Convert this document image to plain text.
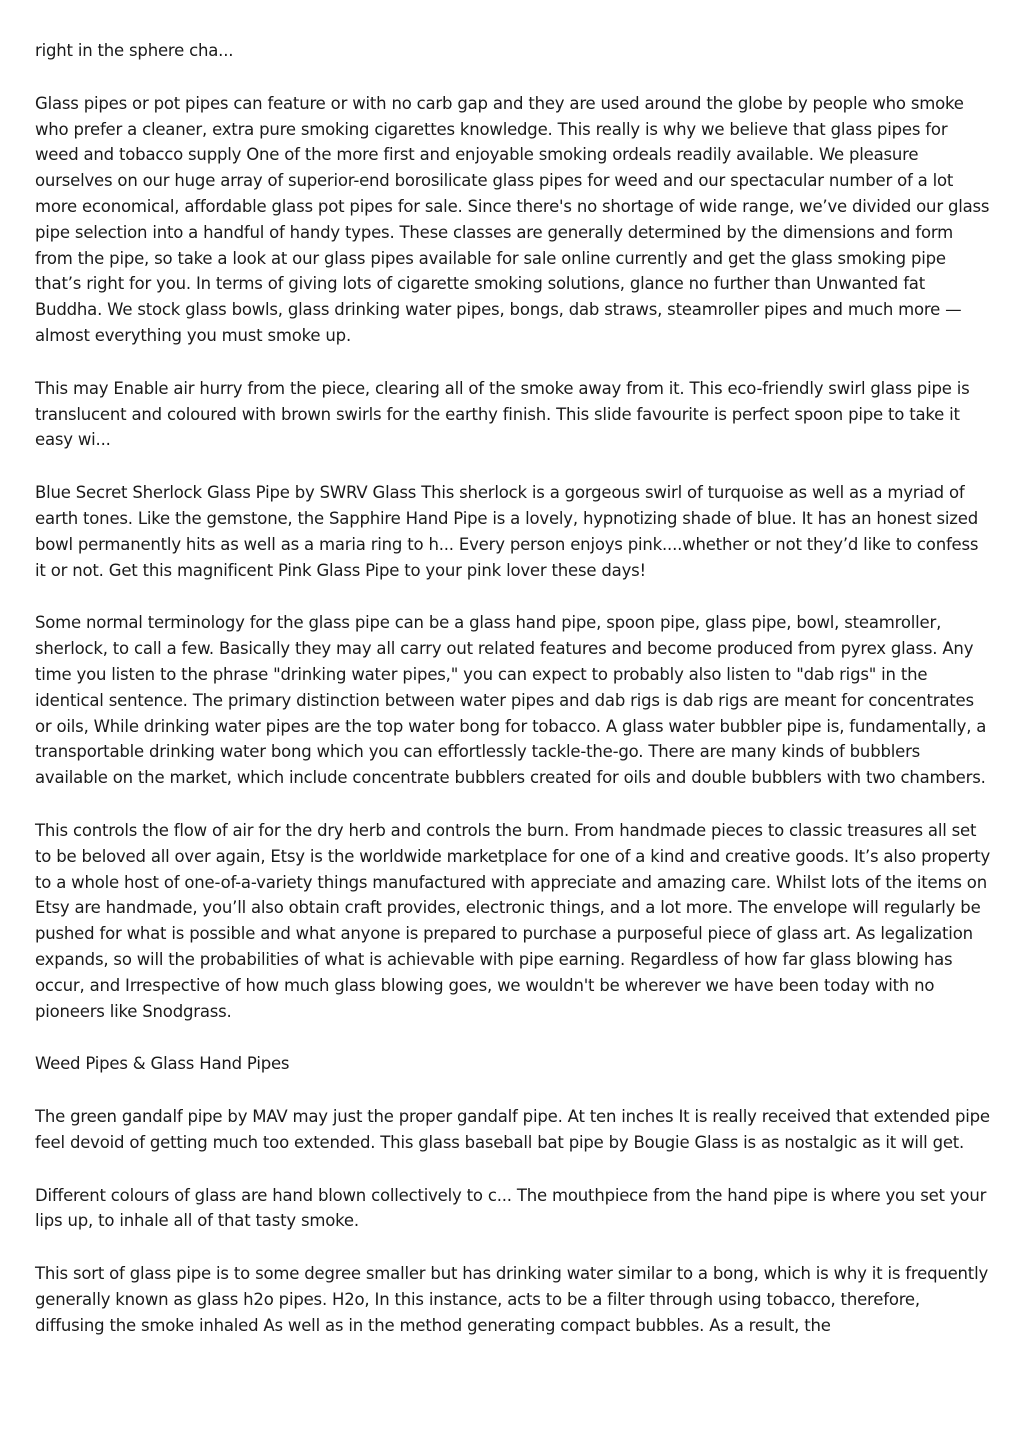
right in the sphere cha...

Glass pipes or pot pipes can feature or with no carb gap and they are used around the globe by people who smoke who prefer a cleaner, extra pure smoking cigarettes knowledge. This really is why we believe that glass pipes for weed and tobacco supply One of the more first and enjoyable smoking ordeals readily available. We pleasure ourselves on our huge array of superior-end borosilicate glass pipes for weed and our spectacular number of a lot more economical, affordable glass pot pipes for sale. Since there's no shortage of wide range, we’ve divided our glass pipe selection into a handful of handy types. These classes are generally determined by the dimensions and form from the pipe, so take a look at our glass pipes available for sale online currently and get the glass smoking pipe that’s right for you. In terms of giving lots of cigarette smoking solutions, glance no further than Unwanted fat Buddha. We stock glass bowls, glass drinking water pipes, bongs, dab straws, steamroller pipes and much more — almost everything you must smoke up.

This may Enable air hurry from the piece, clearing all of the smoke away from it. This eco-friendly swirl glass pipe is translucent and coloured with brown swirls for the earthy finish. This slide favourite is perfect spoon pipe to take it easy wi...

Blue Secret Sherlock Glass Pipe by SWRV Glass This sherlock is a gorgeous swirl of turquoise as well as a myriad of earth tones. Like the gemstone, the Sapphire Hand Pipe is a lovely, hypnotizing shade of blue. It has an honest sized bowl permanently hits as well as a maria ring to h... Every person enjoys pink....whether or not they’d like to confess it or not. Get this magnificent Pink Glass Pipe to your pink lover these days!

Some normal terminology for the glass pipe can be a glass hand pipe, spoon pipe, glass pipe, bowl, steamroller, sherlock, to call a few. Basically they may all carry out related features and become produced from pyrex glass. Any time you listen to the phrase "drinking water pipes," you can expect to probably also listen to "dab rigs" in the identical sentence. The primary distinction between water pipes and dab rigs is dab rigs are meant for concentrates or oils, While drinking water pipes are the top water bong for tobacco. A glass water bubbler pipe is, fundamentally, a transportable drinking water bong which you can effortlessly tackle-the-go. There are many kinds of bubblers available on the market, which include concentrate bubblers created for oils and double bubblers with two chambers.

This controls the flow of air for the dry herb and controls the burn. From handmade pieces to classic treasures all set to be beloved all over again, Etsy is the worldwide marketplace for one of a kind and creative goods. It’s also property to a whole host of one-of-a-variety things manufactured with appreciate and amazing care. Whilst lots of the items on Etsy are handmade, you’ll also obtain craft provides, electronic things, and a lot more. The envelope will regularly be pushed for what is possible and what anyone is prepared to purchase a purposeful piece of glass art. As legalization expands, so will the probabilities of what is achievable with pipe earning. Regardless of how far glass blowing has occur, and Irrespective of how much glass blowing goes, we wouldn't be wherever we have been today with no pioneers like Snodgrass.

Weed Pipes & Glass Hand Pipes

The green gandalf pipe by MAV may just the proper gandalf pipe. At ten inches It is really received that extended pipe feel devoid of getting much too extended. This glass baseball bat pipe by Bougie Glass is as nostalgic as it will get.

Different colours of glass are hand blown collectively to c... The mouthpiece from the hand pipe is where you set your lips up, to inhale all of that tasty smoke.

This sort of glass pipe is to some degree smaller but has drinking water similar to a bong, which is why it is frequently generally known as glass h2o pipes. H2o, In this instance, acts to be a filter through using tobacco, therefore, diffusing the smoke inhaled As well as in the method generating compact bubbles. As a result, the
